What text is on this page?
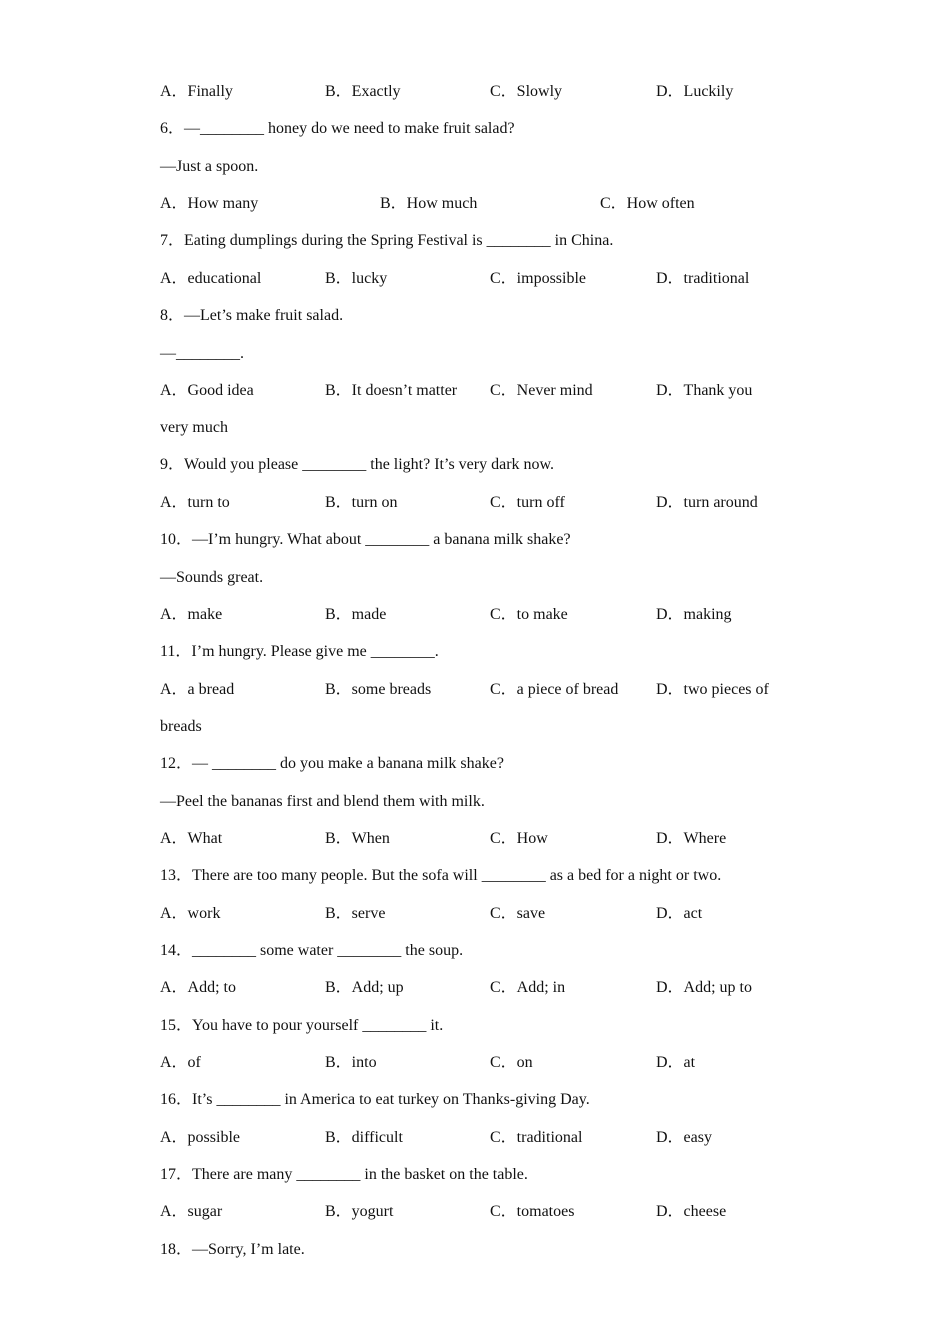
A．Finally	B．Exactly	C．Slowly	D．Luckily
6．—________ honey do we need to make fruit salad?
—Just a spoon.
A．How many	B．How much	C．How often
7．Eating dumplings during the Spring Festival is ________ in China.
A．educational	B．lucky	C．impossible	D．traditional
8．—Let’s make fruit salad.
—________.
A．Good idea	B．It doesn’t matter C．Never mind	D．Thank you
very much
9．Would you please ________ the light? It’s very dark now.
A．turn to	B．turn on	C．turn off	D．turn around
10．—I’m hungry. What about ________ a banana milk shake?
—Sounds great.
A．make	B．made	C．to make	D．making
11．I’m hungry. Please give me ________.
A．a bread	B．some breads	C．a piece of bread D．two pieces of
breads
12．— ________ do you make a banana milk shake?
—Peel the bananas first and blend them with milk.
A．What	B．When	C．How	D．Where
13．There are too many people. But the sofa will ________ as a bed for a night or two.
A．work	B．serve	C．save	D．act
14．________ some water ________ the soup.
A．Add; to	B．Add; up	C．Add; in	D．Add; up to
15．You have to pour yourself ________ it.
A．of	B．into	C．on	D．at
16．It’s ________ in America to eat turkey on Thanks-giving Day.
A．possible	B．difficult	C．traditional	D．easy
17．There are many ________ in the basket on the table.
A．sugar	B．yogurt	C．tomatoes	D．cheese
18．—Sorry, I’m late.
